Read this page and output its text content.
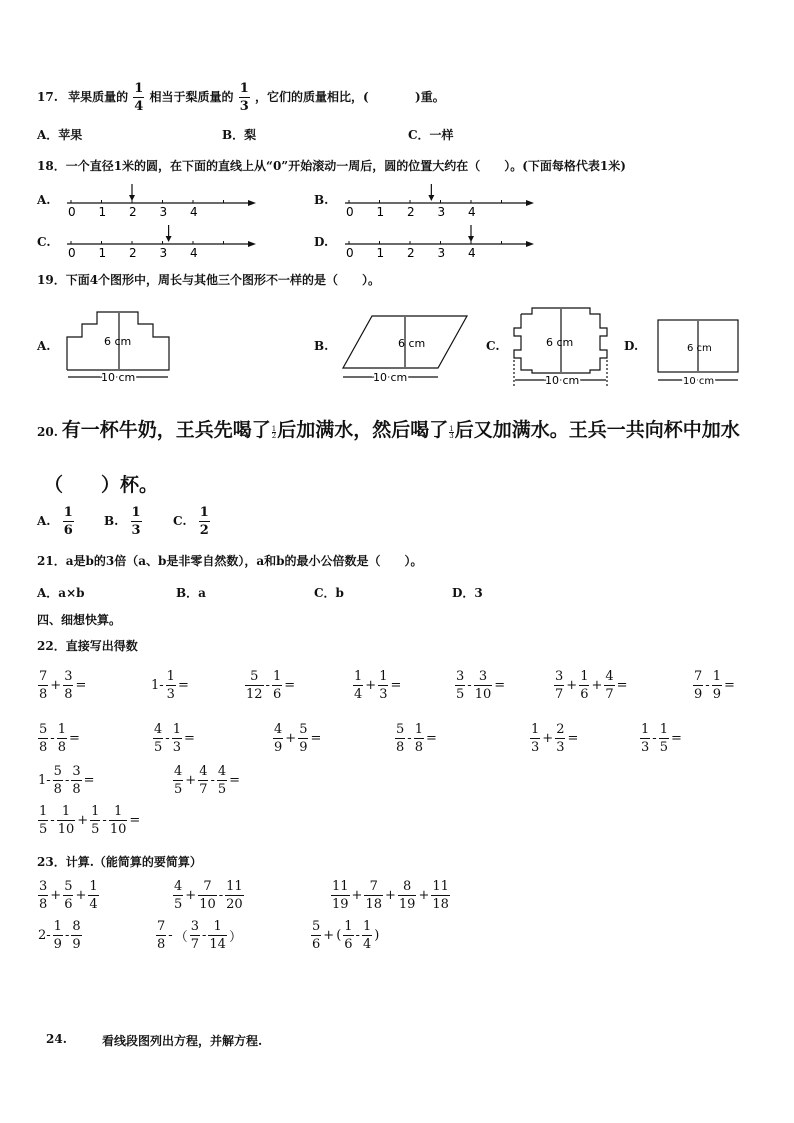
17. 苹果质量的 $\frac{1}{4}$ 相当于梨质量的 $\frac{1}{3}$ ，它们的质量相比，(	)重。
A．苹果	B．梨	C．一样
18．一个直径1米的圆，在下面的直线上从“0”开始滚动一周后，圆的位置大约在（　　）。(下面每格代表1米)
A.	B.
C.	D.
0 1 2 3 4	0 1 2 3 4
0 1 2 3 4	0 1 2 3 4
19．下面4个图形中，周长与其他三个图形不一样的是（　　）。
A.	B.	C.	D.
6 cm
10 cm
6 cm
10 cm
6 cm
10 cm
6 cm
10 cm
20. 有一杯牛奶，王兵先喝了 $\frac{1}{2}$ 后加满水，然后喝了 $\frac{1}{3}$ 后又加满水。王兵一共向杯中加水
（　　）杯。
A. $\frac{1}{6}$	B. $\frac{1}{3}$	C. $\frac{1}{2}$
21．a是b的3倍（a、b是非零自然数），a和b的最小公倍数是（　　）。
A．a×b	B．a	C．b	D．3
四、细想快算。
22．直接写出得数
$\frac{7}{8} + \frac{3}{8}$ =	$1- \frac{1}{3}$ =	$\frac{5}{12} - \frac{1}{6}$ =	$\frac{1}{4} + \frac{1}{3}$ =	$\frac{3}{5} - \frac{3}{10}$ =	$\frac{3}{7} + \frac{1}{6} + \frac{4}{7}$ =	$\frac{7}{9} - \frac{1}{9}$ =
$\frac{5}{8} - \frac{1}{8}$ =	$\frac{4}{5} - \frac{1}{3}$ =	$\frac{4}{9} + \frac{5}{9}$ =	$\frac{5}{8} - \frac{1}{8}$ =	$\frac{1}{3} + \frac{2}{3}$ =	$\frac{1}{3} - \frac{1}{5}$ =
$1- \frac{5}{8} - \frac{3}{8}$ =	$\frac{4}{5} + \frac{4}{7} - \frac{4}{5}$ =
$\frac{1}{5} - \frac{1}{10} + \frac{1}{5} - \frac{1}{10}$ =
23．计算.（能简算的要简算）
$\frac{3}{8} + \frac{5}{6} + \frac{1}{4}$	$\frac{4}{5} + \frac{7}{10} - \frac{11}{20}$	$\frac{11}{19} + \frac{7}{18} + \frac{8}{19} + \frac{11}{18}$
$2- \frac{1}{9} - \frac{8}{9}$	$\frac{7}{8}$ - （ $\frac{3}{7} - \frac{1}{14}$ ）	$\frac{5}{6}$ + ( $\frac{1}{6} - \frac{1}{4}$ )
24.	看线段图列出方程，并解方程.
